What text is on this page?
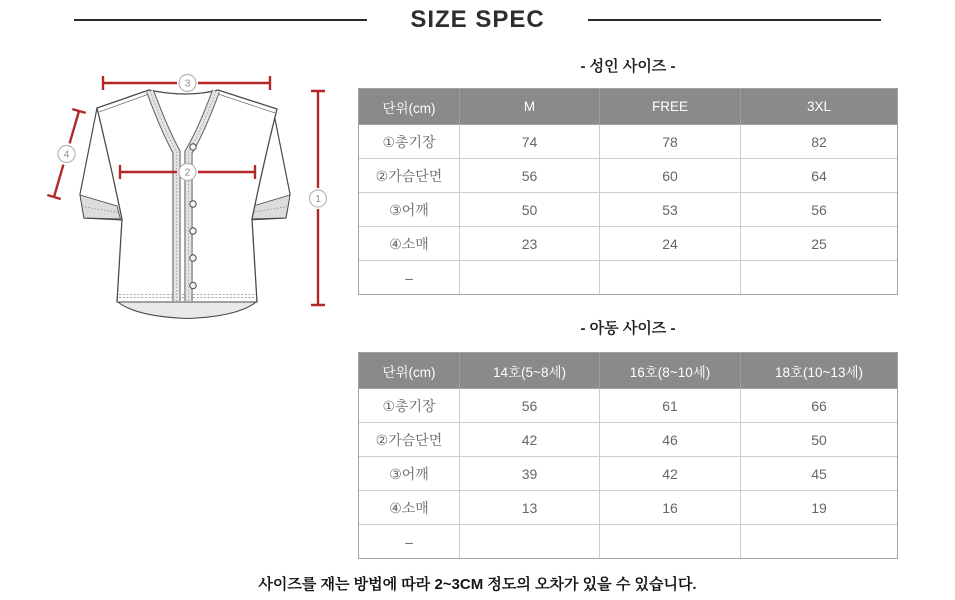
SIZE SPEC
3
2
1
4
- 성인 사이즈 -
단위(cm)	M	FREE	3XL
①총기장	74	78	82
②가슴단면	56	60	64
③어깨	50	53	56
④소매	23	24	25
–			
- 아동 사이즈 -
단위(cm)	14호(5~8세)	16호(8~10세)	18호(10~13세)
①총기장	56	61	66
②가슴단면	42	46	50
③어깨	39	42	45
④소매	13	16	19
–			
사이즈를 재는 방법에 따라 2~3CM 정도의 오차가 있을 수 있습니다.
